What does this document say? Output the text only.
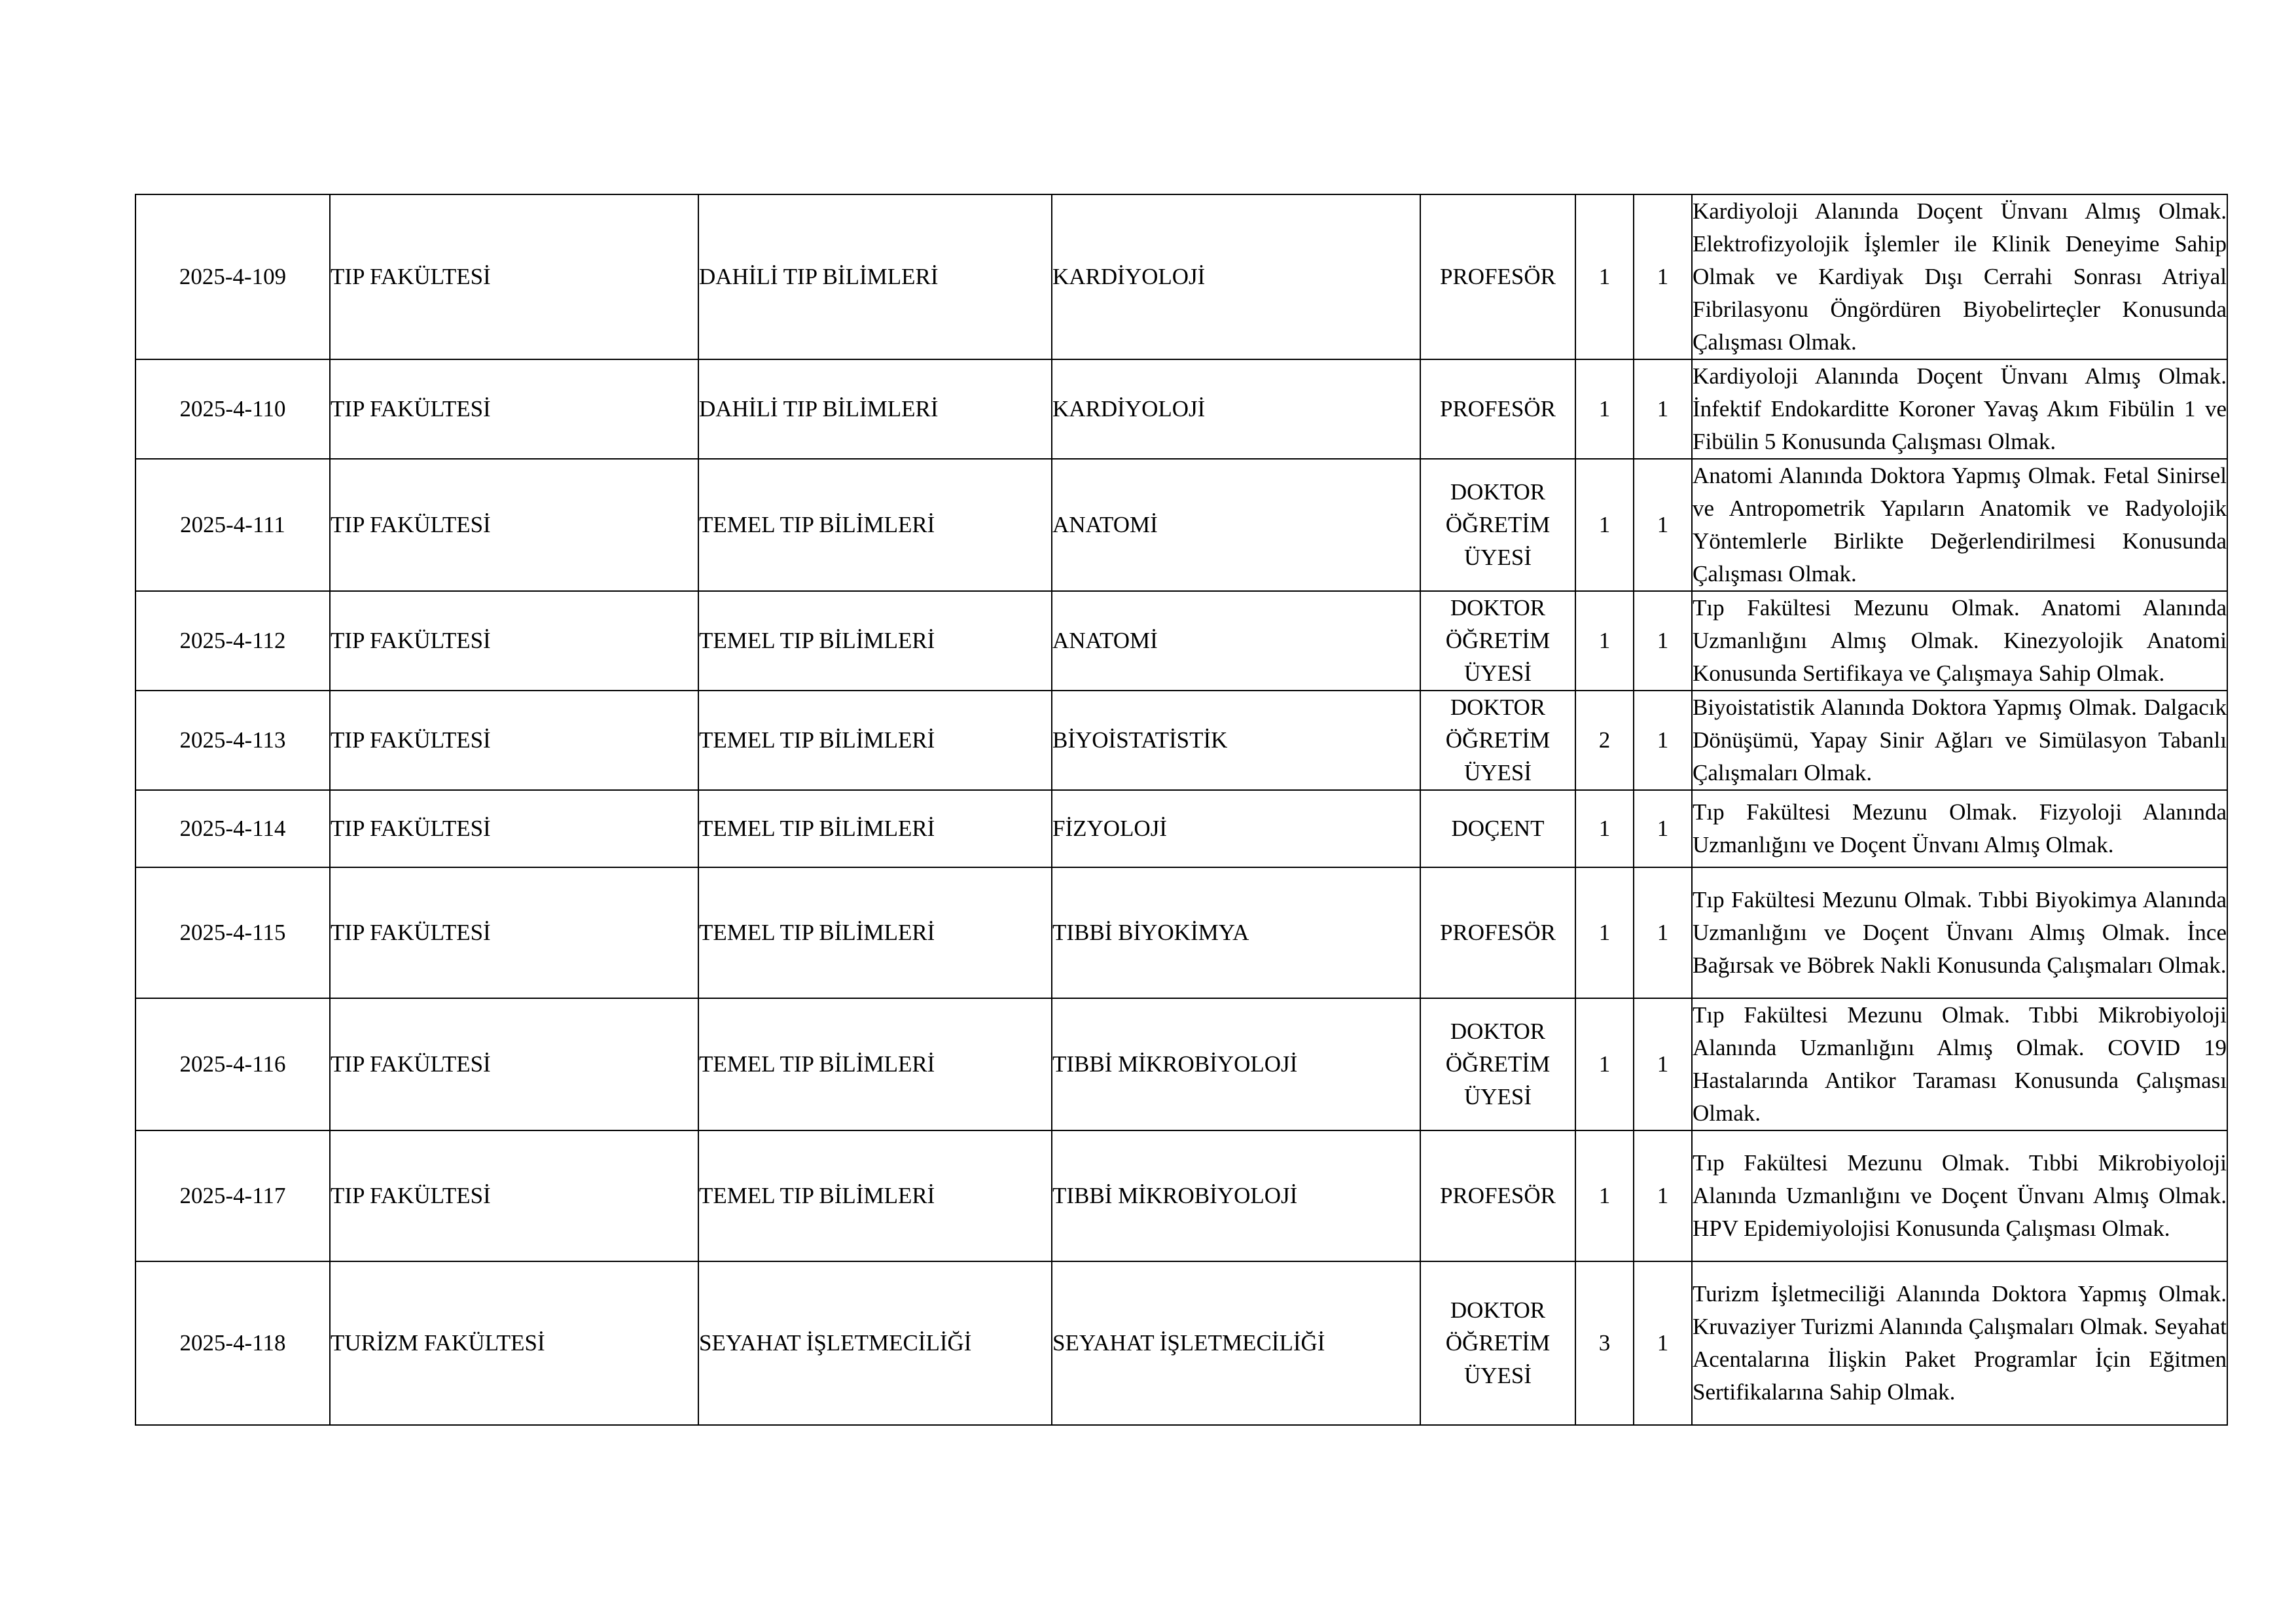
2025-4-109	TIP FAKÜLTESİ	DAHİLİ TIP BİLİMLERİ	KARDİYOLOJİ	PROFESÖR	1	1	Kardiyoloji Alanında Doçent Ünvanı Almış Olmak. Elektrofizyolojik İşlemler ile Klinik Deneyime Sahip Olmak ve Kardiyak Dışı Cerrahi Sonrası Atriyal Fibrilasyonu Öngördüren Biyobelirteçler Konusunda Çalışması Olmak.
2025-4-110	TIP FAKÜLTESİ	DAHİLİ TIP BİLİMLERİ	KARDİYOLOJİ	PROFESÖR	1	1	Kardiyoloji Alanında Doçent Ünvanı Almış Olmak. İnfektif Endokarditte Koroner Yavaş Akım Fibülin 1 ve Fibülin 5 Konusunda Çalışması Olmak.
2025-4-111	TIP FAKÜLTESİ	TEMEL TIP BİLİMLERİ	ANATOMİ	DOKTOR ÖĞRETİM ÜYESİ	1	1	Anatomi Alanında Doktora Yapmış Olmak. Fetal Sinirsel ve Antropometrik Yapıların Anatomik ve Radyolojik Yöntemlerle Birlikte Değerlendirilmesi Konusunda Çalışması Olmak.
2025-4-112	TIP FAKÜLTESİ	TEMEL TIP BİLİMLERİ	ANATOMİ	DOKTOR ÖĞRETİM ÜYESİ	1	1	Tıp Fakültesi Mezunu Olmak. Anatomi Alanında Uzmanlığını Almış Olmak. Kinezyolojik Anatomi Konusunda Sertifikaya ve Çalışmaya Sahip Olmak.
2025-4-113	TIP FAKÜLTESİ	TEMEL TIP BİLİMLERİ	BİYOİSTATİSTİK	DOKTOR ÖĞRETİM ÜYESİ	2	1	Biyoistatistik Alanında Doktora Yapmış Olmak. Dalgacık Dönüşümü, Yapay Sinir Ağları ve Simülasyon Tabanlı Çalışmaları Olmak.
2025-4-114	TIP FAKÜLTESİ	TEMEL TIP BİLİMLERİ	FİZYOLOJİ	DOÇENT	1	1	Tıp Fakültesi Mezunu Olmak. Fizyoloji Alanında Uzmanlığını ve Doçent Ünvanı Almış Olmak.
2025-4-115	TIP FAKÜLTESİ	TEMEL TIP BİLİMLERİ	TIBBİ BİYOKİMYA	PROFESÖR	1	1	Tıp Fakültesi Mezunu Olmak. Tıbbi Biyokimya Alanında Uzmanlığını ve Doçent Ünvanı Almış Olmak. İnce Bağırsak ve Böbrek Nakli Konusunda Çalışmaları Olmak.
2025-4-116	TIP FAKÜLTESİ	TEMEL TIP BİLİMLERİ	TIBBİ MİKROBİYOLOJİ	DOKTOR ÖĞRETİM ÜYESİ	1	1	Tıp Fakültesi Mezunu Olmak. Tıbbi Mikrobiyoloji Alanında Uzmanlığını Almış Olmak. COVID 19 Hastalarında Antikor Taraması Konusunda Çalışması Olmak.
2025-4-117	TIP FAKÜLTESİ	TEMEL TIP BİLİMLERİ	TIBBİ MİKROBİYOLOJİ	PROFESÖR	1	1	Tıp Fakültesi Mezunu Olmak. Tıbbi Mikrobiyoloji Alanında Uzmanlığını ve Doçent Ünvanı Almış Olmak. HPV Epidemiyolojisi Konusunda Çalışması Olmak.
2025-4-118	TURİZM FAKÜLTESİ	SEYAHAT İŞLETMECİLİĞİ	SEYAHAT İŞLETMECİLİĞİ	DOKTOR ÖĞRETİM ÜYESİ	3	1	Turizm İşletmeciliği Alanında Doktora Yapmış Olmak. Kruvaziyer Turizmi Alanında Çalışmaları Olmak. Seyahat Acentalarına İlişkin Paket Programlar İçin Eğitmen Sertifikalarına Sahip Olmak.
